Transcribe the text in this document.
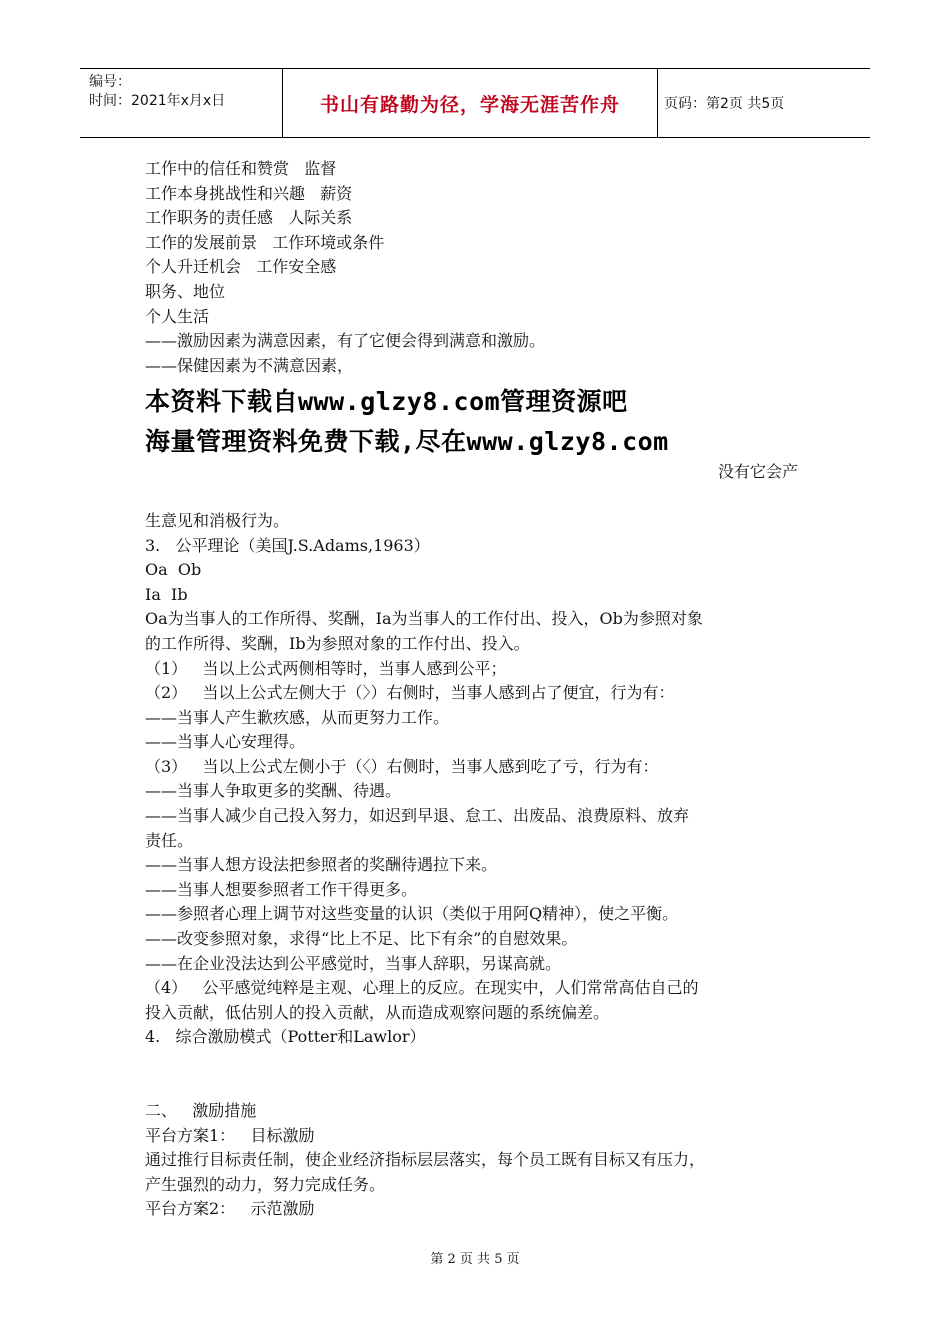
编号：
时间：2021年x月x日	书山有路勤为径，学海无涯苦作舟	页码：第2页 共5页
工作中的信任和赞赏   监督
工作本身挑战性和兴趣   薪资
工作职务的责任感   人际关系
工作的发展前景   工作环境或条件
个人升迁机会   工作安全感
职务、地位
个人生活
——激励因素为满意因素，有了它便会得到满意和激励。
——保健因素为不满意因素，
本资料下载自www.glzy8.com管理资源吧
海量管理资料免费下载,尽在www.glzy8.com
没有它会产
生意见和消极行为。
3.   公平理论（美国J.S.Adams,1963）
Oa  Ob
Ia  Ib
Oa为当事人的工作所得、奖酬，Ia为当事人的工作付出、投入，Ob为参照对象
的工作所得、奖酬，Ib为参照对象的工作付出、投入。
（1）   当以上公式两侧相等时，当事人感到公平；
（2）   当以上公式左侧大于（〉）右侧时，当事人感到占了便宜，行为有：
——当事人产生歉疚感，从而更努力工作。
——当事人心安理得。
（3）   当以上公式左侧小于（〈）右侧时，当事人感到吃了亏，行为有：
——当事人争取更多的奖酬、待遇。
——当事人减少自己投入努力，如迟到早退、怠工、出废品、浪费原料、放弃
责任。
——当事人想方设法把参照者的奖酬待遇拉下来。
——当事人想要参照者工作干得更多。
——参照者心理上调节对这些变量的认识（类似于用阿Q精神），使之平衡。
——改变参照对象，求得“比上不足、比下有余”的自慰效果。
——在企业没法达到公平感觉时，当事人辞职，另谋高就。
（4）   公平感觉纯粹是主观、心理上的反应。在现实中，人们常常高估自己的
投入贡献，低估别人的投入贡献，从而造成观察问题的系统偏差。
4.   综合激励模式（Potter和Lawlor）
二、   激励措施
平台方案1：   目标激励
通过推行目标责任制，使企业经济指标层层落实，每个员工既有目标又有压力，
产生强烈的动力，努力完成任务。
平台方案2：   示范激励
第 2 页 共 5 页
